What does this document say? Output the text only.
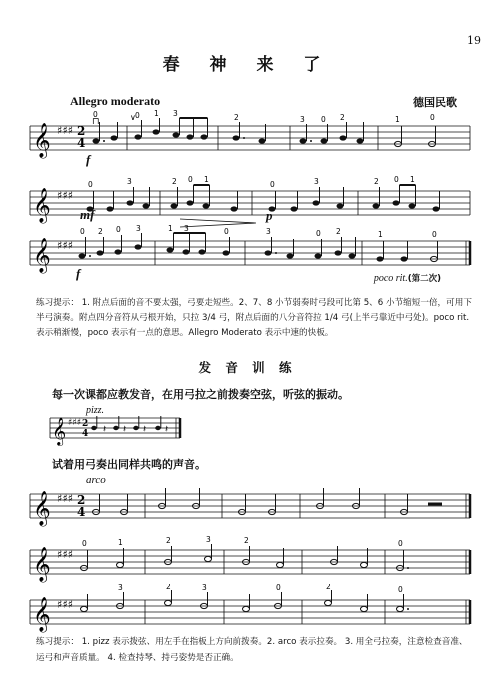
19
春 神 来 了
Allegro moderato	德国民歌
𝄞 ♯♯♯ 2
4
⊓	∨
0	0 1 3	2	3 0 2	1	0
f
𝄞 ♯♯♯
0	3	2 0 1
0	3	2 0 1
mf	p
𝄞 ♯♯♯
0 2 0 3	1 3	0	3	0 2	1	0
f	poco rit.(第二次)
练习提示： 1. 附点后面的音不要太强，弓要走短些。2、7、8 小节弱奏时弓段可比第 5、6 小节缩短一倍，可用下半弓演奏。附点四分音符从弓根开始，只拉 3/4 弓，附点后面的八分音符拉 1/4 弓(上半弓靠近中弓处)。poco rit. 表示稍渐慢，poco 表示有一点的意思。Allegro Moderato 表示中速的快板。
发 音 训 练
每一次课都应教发音，在用弓拉之前拨奏空弦，听弦的振动。
pizz.
𝄞 ♯♯♯ 2
4 𝄽 𝄽 𝄽 𝄽
试着用弓奏出同样共鸣的声音。
arco
𝄞 ♯♯♯ 2
4
𝄞 ♯♯♯
0	1	2	3	2	0
𝄞 ♯♯♯
3	2	3	0	2	0
练习提示： 1. pizz 表示拨弦、用左手在指板上方向前拨奏。2. arco 表示拉奏。 3. 用全弓拉奏，注意检查音准、运弓和声音质量。 4. 检查持琴、持弓姿势是否正确。
